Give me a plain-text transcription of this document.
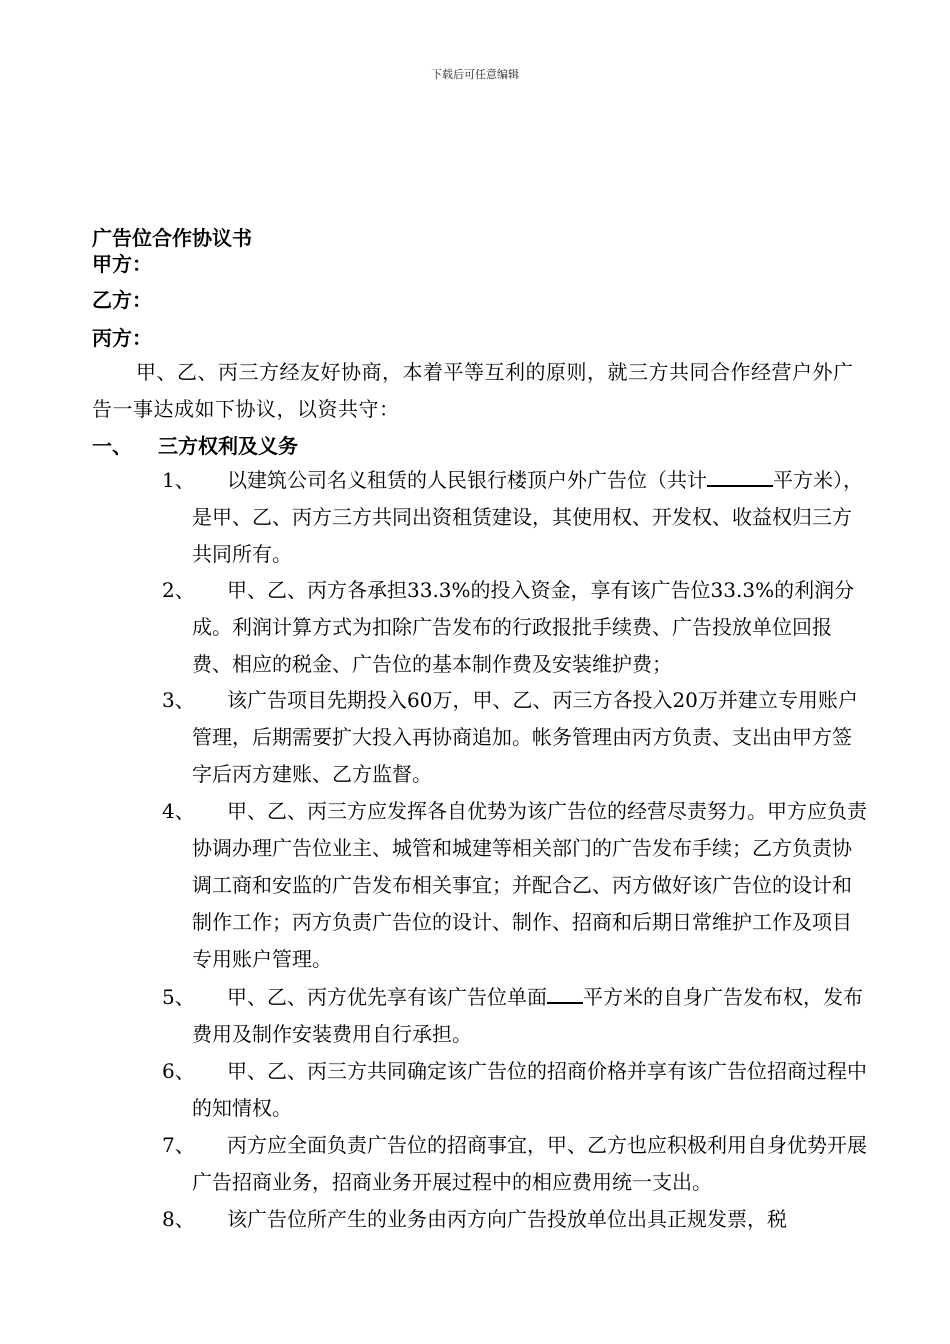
下载后可任意编辑
广告位合作协议书
甲方：
乙方：
丙方：
甲、乙、丙三方经友好协商，本着平等互利的原则，就三方共同合作经营户外广告一事达成如下协议，以资共守：
一、 三方权利及义务
1、	以建筑公司名义租赁的人民银行楼顶户外广告位（共计	平方米），是甲、乙、丙方三方共同出资租赁建设，其使用权、开发权、收益权归三方共同所有。
2、	甲、乙、丙方各承担33.3%的投入资金，享有该广告位33.3%的利润分成。利润计算方式为扣除广告发布的行政报批手续费、广告投放单位回报费、相应的税金、广告位的基本制作费及安装维护费；
3、	该广告项目先期投入60万，甲、乙、丙三方各投入20万并建立专用账户管理，后期需要扩大投入再协商追加。帐务管理由丙方负责、支出由甲方签字后丙方建账、乙方监督。
4、	甲、乙、丙三方应发挥各自优势为该广告位的经营尽责努力。甲方应负责协调办理广告位业主、城管和城建等相关部门的广告发布手续；乙方负责协调工商和安监的广告发布相关事宜；并配合乙、丙方做好该广告位的设计和制作工作；丙方负责广告位的设计、制作、招商和后期日常维护工作及项目专用账户管理。
5、	甲、乙、丙方优先享有该广告位单面 平方米的自身广告发布权，发布费用及制作安装费用自行承担。
6、	甲、乙、丙三方共同确定该广告位的招商价格并享有该广告位招商过程中的知情权。
7、	丙方应全面负责广告位的招商事宜，甲、乙方也应积极利用自身优势开展广告招商业务，招商业务开展过程中的相应费用统一支出。
8、	该广告位所产生的业务由丙方向广告投放单位出具正规发票，税
